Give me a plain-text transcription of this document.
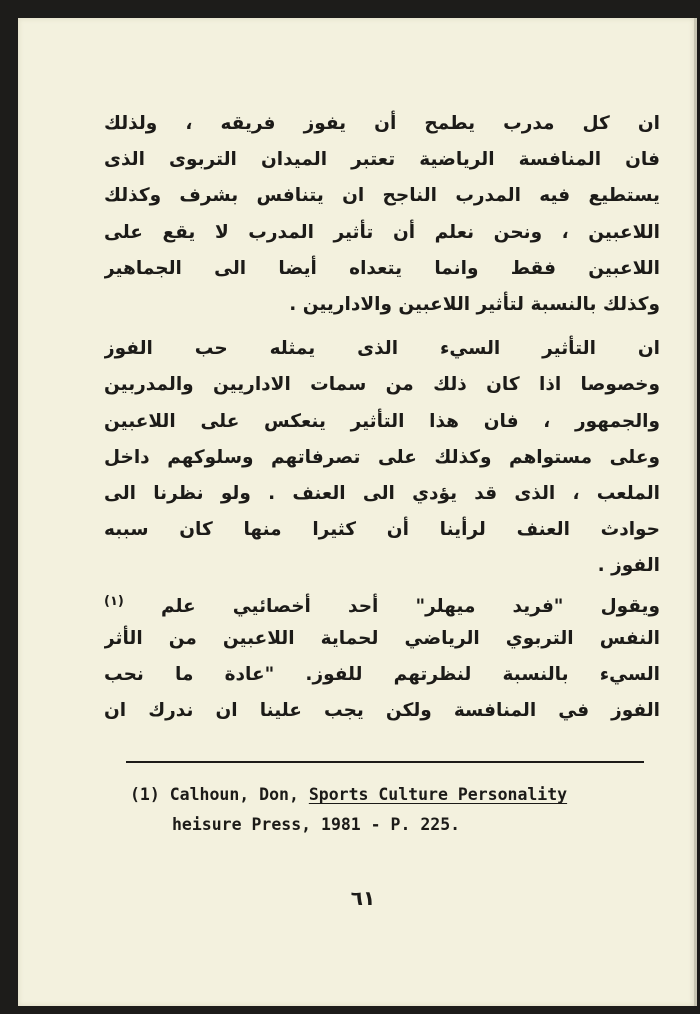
ان كل مدرب يطمح أن يفوز فريقه ، ولذلك
فان المنافسة الرياضية تعتبر الميدان التربوى الذى
يستطيع فيه المدرب الناجح ان يتنافس بشرف وكذلك
اللاعبين ، ونحن نعلم أن تأثير المدرب لا يقع على
اللاعبين فقط وانما يتعداه أيضا الى الجماهير
وكذلك بالنسبة لتأثير اللاعبين والاداريين .
ان التأثير السيء الذى يمثله حب الفوز
وخصوصا اذا كان ذلك من سمات الاداريين والمدربين
والجمهور ، فان هذا التأثير ينعكس على اللاعبين
وعلى مستواهم وكذلك على تصرفاتهم وسلوكهم داخل
الملعب ، الذى قد يؤدي الى العنف . ولو نظرنا الى
حوادث العنف لرأينا أن كثيرا منها كان سببه
الفوز .
ويقول "فريد ميهلر" أحد أخصائيي علم $^{(١)}$
النفس التربوي الرياضي لحماية اللاعبين من الأثر
السيء بالنسبة لنظرتهم للفوز. "عادة ما نحب
الفوز في المنافسة ولكن يجب علينا ان ندرك ان
(1) Calhoun, Don, Sports Culture Personality
heisure Press, 1981 - P. 225.
٦١
